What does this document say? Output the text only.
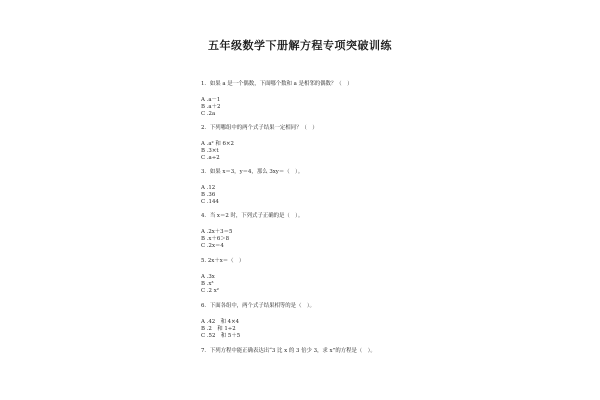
五年级数学下册解方程专项突破训练
1．如果 a 是一个偶数，下面哪个数和 a 是相邻的偶数？（　）
A .a－1
B .a＋2
C .2a
2．下列哪组中的两个式子结果一定相同？（　）
A .a² 和 6×2
B .3×t
C .a÷2
3．如果 x＝3，y＝4，那么 3xy＝（　）。
A .12
B .36
C .144
4．当 x＝2 时，下列式子正确的是（　）。
A .2x＋3＝5
B .x＋6＞8
C .2x＝4
5. 2x＋x＝（　）
A .3x
B .x³
C .2 x²
6．下面各组中，两个式子结果相等的是（　）。
A .42　和 4×4
B .2　和 1÷2
C .52　和 5＋5
7．下列方程中能正确表达出“3 比 x 的 3 倍少 3，求 x”的方程是（　）。
